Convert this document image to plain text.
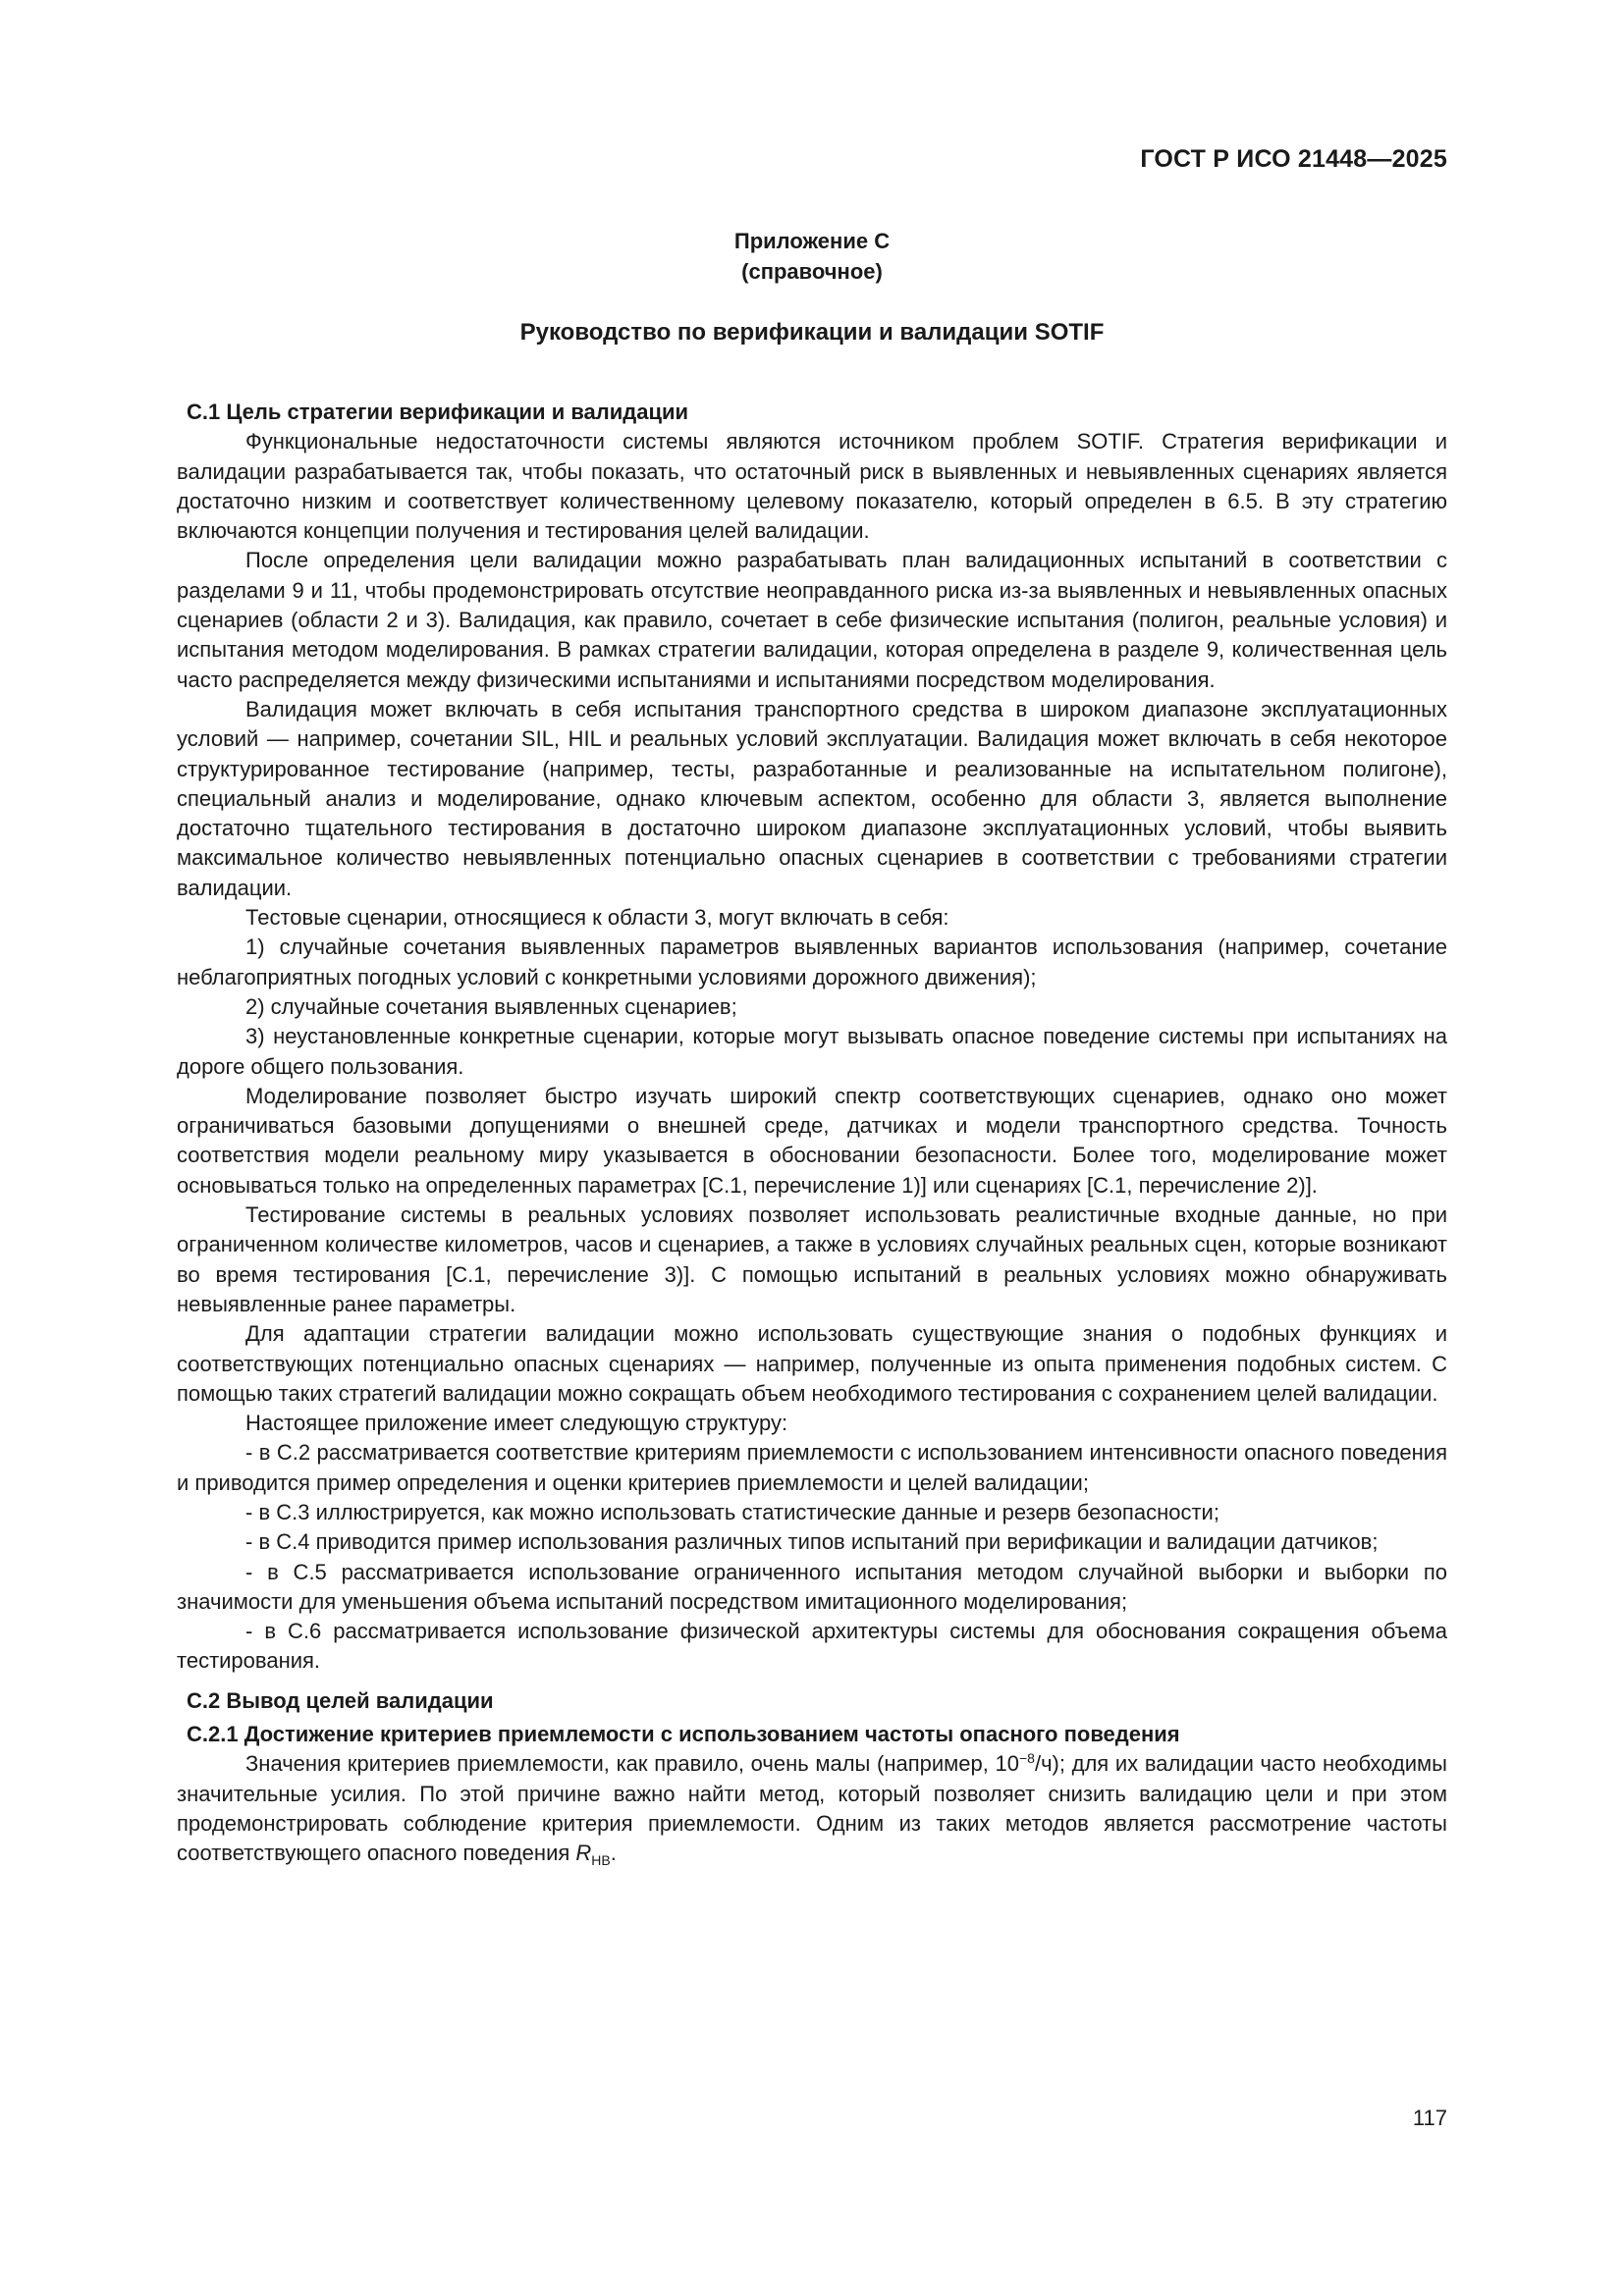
ГОСТ Р ИСО 21448—2025
Приложение C
(справочное)
Руководство по верификации и валидации SOTIF
C.1 Цель стратегии верификации и валидации

Функциональные недостаточности системы являются источником проблем SOTIF. Стратегия верификации и валидации разрабатывается так, чтобы показать, что остаточный риск в выявленных и невыявленных сценариях является достаточно низким и соответствует количественному целевому показателю, который определен в 6.5. В эту стратегию включаются концепции получения и тестирования целей валидации.

После определения цели валидации можно разрабатывать план валидационных испытаний в соответствии с разделами 9 и 11, чтобы продемонстрировать отсутствие неоправданного риска из-за выявленных и невыявленных опасных сценариев (области 2 и 3). Валидация, как правило, сочетает в себе физические испытания (полигон, реальные условия) и испытания методом моделирования. В рамках стратегии валидации, которая определена в разделе 9, количественная цель часто распределяется между физическими испытаниями и испытаниями посредством моделирования.

Валидация может включать в себя испытания транспортного средства в широком диапазоне эксплуатационных условий — например, сочетании SIL, HIL и реальных условий эксплуатации. Валидация может включать в себя некоторое структурированное тестирование (например, тесты, разработанные и реализованные на испытательном полигоне), специальный анализ и моделирование, однако ключевым аспектом, особенно для области 3, является выполнение достаточно тщательного тестирования в достаточно широком диапазоне эксплуатационных условий, чтобы выявить максимальное количество невыявленных потенциально опасных сценариев в соответствии с требованиями стратегии валидации.

Тестовые сценарии, относящиеся к области 3, могут включать в себя:

1) случайные сочетания выявленных параметров выявленных вариантов использования (например, сочетание неблагоприятных погодных условий с конкретными условиями дорожного движения);

2) случайные сочетания выявленных сценариев;

3) неустановленные конкретные сценарии, которые могут вызывать опасное поведение системы при испытаниях на дороге общего пользования.

Моделирование позволяет быстро изучать широкий спектр соответствующих сценариев, однако оно может ограничиваться базовыми допущениями о внешней среде, датчиках и модели транспортного средства. Точность соответствия модели реальному миру указывается в обосновании безопасности. Более того, моделирование может основываться только на определенных параметрах [C.1, перечисление 1)] или сценариях [C.1, перечисление 2)].

Тестирование системы в реальных условиях позволяет использовать реалистичные входные данные, но при ограниченном количестве километров, часов и сценариев, а также в условиях случайных реальных сцен, которые возникают во время тестирования [C.1, перечисление 3)]. С помощью испытаний в реальных условиях можно обнаруживать невыявленные ранее параметры.

Для адаптации стратегии валидации можно использовать существующие знания о подобных функциях и соответствующих потенциально опасных сценариях — например, полученные из опыта применения подобных систем. С помощью таких стратегий валидации можно сокращать объем необходимого тестирования с сохранением целей валидации.

Настоящее приложение имеет следующую структуру:

- в C.2 рассматривается соответствие критериям приемлемости с использованием интенсивности опасного поведения и приводится пример определения и оценки критериев приемлемости и целей валидации;

- в C.3 иллюстрируется, как можно использовать статистические данные и резерв безопасности;

- в C.4 приводится пример использования различных типов испытаний при верификации и валидации датчиков;

- в C.5 рассматривается использование ограниченного испытания методом случайной выборки и выборки по значимости для уменьшения объема испытаний посредством имитационного моделирования;

- в C.6 рассматривается использование физической архитектуры системы для обоснования сокращения объема тестирования.

C.2 Вывод целей валидации
C.2.1 Достижение критериев приемлемости с использованием частоты опасного поведения

Значения критериев приемлемости, как правило, очень малы (например, $10^{-8}/ч$); для их валидации часто необходимы значительные усилия. По этой причине важно найти метод, который позволяет снизить валидацию цели и при этом продемонстрировать соблюдение критерия приемлемости. Одним из таких методов является рассмотрение частоты соответствующего опасного поведения $R_{HB}$.

117
